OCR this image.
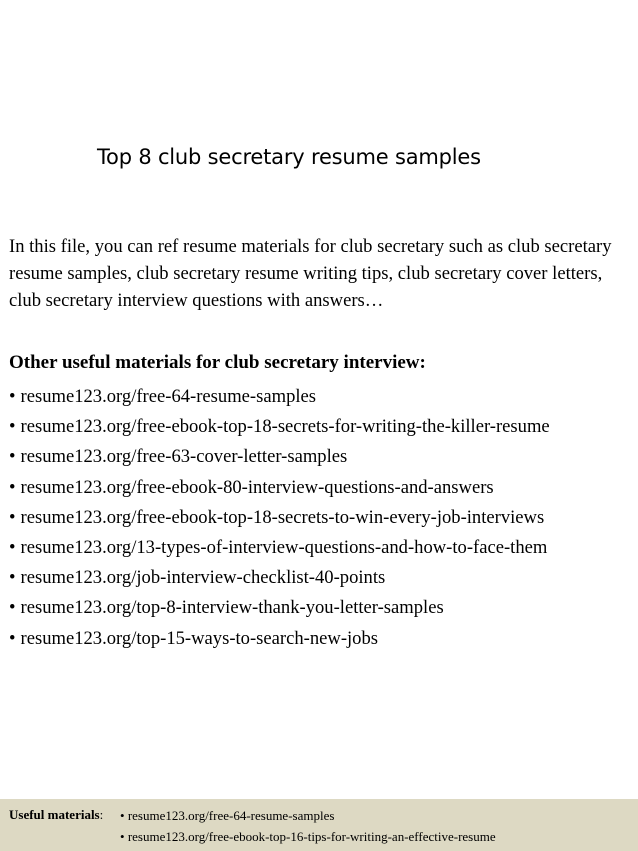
Top 8 club secretary resume samples

In this file, you can ref resume materials for club secretary such as club secretary resume samples, club secretary resume writing tips, club secretary cover letters, club secretary interview questions with answers…

Other useful materials for club secretary interview:
• resume123.org/free-64-resume-samples
• resume123.org/free-ebook-top-18-secrets-for-writing-the-killer-resume
• resume123.org/free-63-cover-letter-samples
• resume123.org/free-ebook-80-interview-questions-and-answers
• resume123.org/free-ebook-top-18-secrets-to-win-every-job-interviews
• resume123.org/13-types-of-interview-questions-and-how-to-face-them
• resume123.org/job-interview-checklist-40-points
• resume123.org/top-8-interview-thank-you-letter-samples
• resume123.org/top-15-ways-to-search-new-jobs
Useful materials: • resume123.org/free-64-resume-samples
• resume123.org/free-ebook-top-16-tips-for-writing-an-effective-resume
